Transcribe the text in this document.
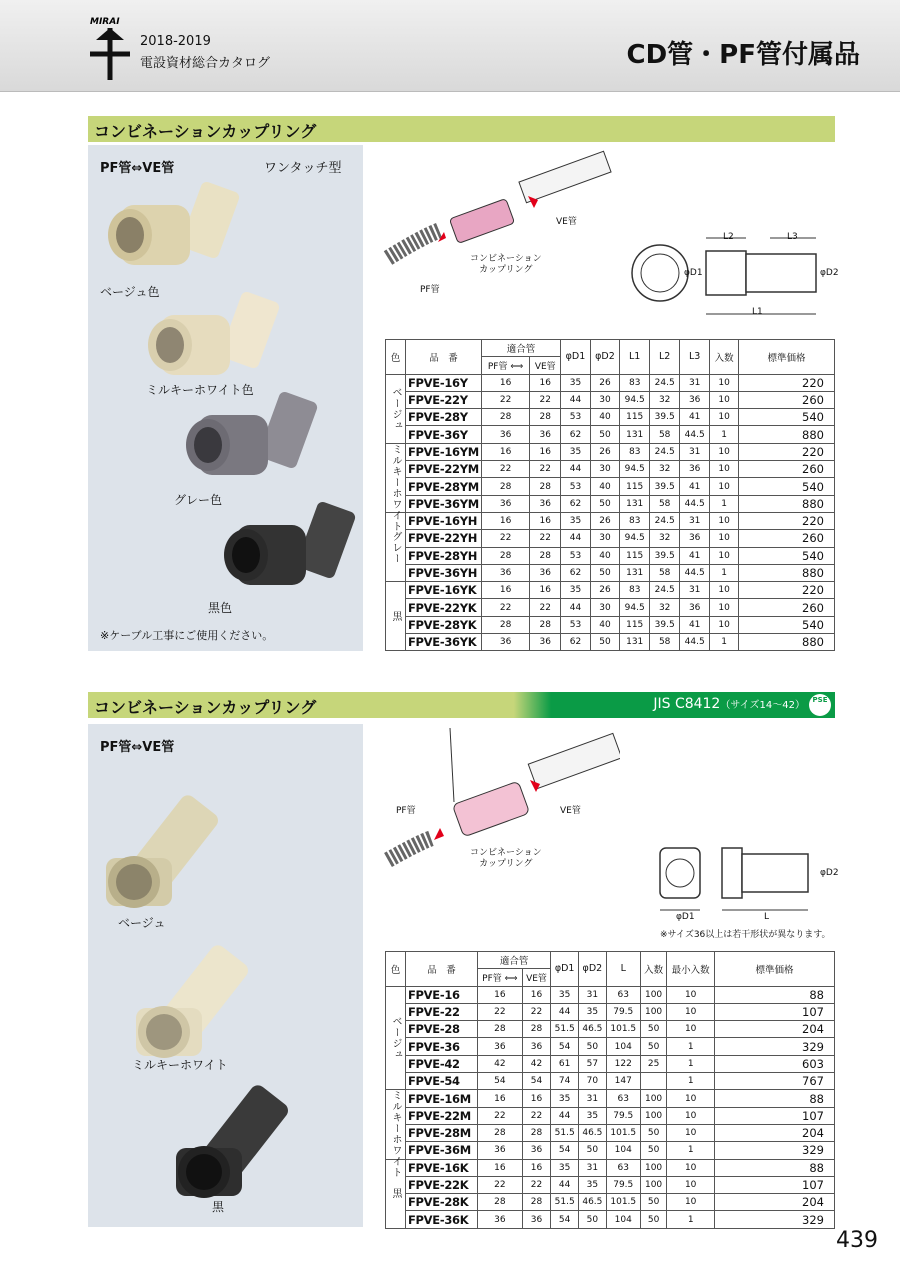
MIRAI
2018-2019
電設資材総合カタログ	CD管・PF管付属品
コンビネーションカップリング
PF管⇔VE管	ワンタッチ型
ベージュ色
ミルキーホワイト色
グレー色
黒色
※ケーブル工事にご使用ください。
VE管
コンビネーション
カップリング
PF管
L2	L3
L1
φD1	φD2
色	品　番	適合管		φD1	φD2	L1	L2	L3	入数	標準価格
		PF管 ⟺	VE管							
ベージュ	FPVE-16Y	16	16	35	26	83	24.5	31	10	220
	FPVE-22Y	22	22	44	30	94.5	32	36	10	260
	FPVE-28Y	28	28	53	40	115	39.5	41	10	540
	FPVE-36Y	36	36	62	50	131	58	44.5	1	880
ミルキーホワイト	FPVE-16YM	16	16	35	26	83	24.5	31	10	220
	FPVE-22YM	22	22	44	30	94.5	32	36	10	260
	FPVE-28YM	28	28	53	40	115	39.5	41	10	540
	FPVE-36YM	36	36	62	50	131	58	44.5	1	880
グレー	FPVE-16YH	16	16	35	26	83	24.5	31	10	220
	FPVE-22YH	22	22	44	30	94.5	32	36	10	260
	FPVE-28YH	28	28	53	40	115	39.5	41	10	540
	FPVE-36YH	36	36	62	50	131	58	44.5	1	880
黒	FPVE-16YK	16	16	35	26	83	24.5	31	10	220
	FPVE-22YK	22	22	44	30	94.5	32	36	10	260
	FPVE-28YK	28	28	53	40	115	39.5	41	10	540
	FPVE-36YK	36	36	62	50	131	58	44.5	1	880
コンビネーションカップリング	JIS C8412（サイズ14～42）	PSE
PF管⇔VE管
ベージュ
ミルキーホワイト
黒
PF管	VE管
コンビネーション
カップリング
φD1	L
φD2
※サイズ36以上は若干形状が異なります。
色	品　番	適合管		φD1	φD2	L	入数	最小入数	標準価格
		PF管 ⟺	VE管						
ベージュ	FPVE-16	16	16	35	31	63	100	10	88
	FPVE-22	22	22	44	35	79.5	100	10	107
	FPVE-28	28	28	51.5	46.5	101.5	50	10	204
	FPVE-36	36	36	54	50	104	50	1	329
	FPVE-42	42	42	61	57	122	25	1	603
	FPVE-54	54	54	74	70	147		1	767
ミルキーホワイト	FPVE-16M	16	16	35	31	63	100	10	88
	FPVE-22M	22	22	44	35	79.5	100	10	107
	FPVE-28M	28	28	51.5	46.5	101.5	50	10	204
	FPVE-36M	36	36	54	50	104	50	1	329
黒	FPVE-16K	16	16	35	31	63	100	10	88
	FPVE-22K	22	22	44	35	79.5	100	10	107
	FPVE-28K	28	28	51.5	46.5	101.5	50	10	204
	FPVE-36K	36	36	54	50	104	50	1	329
439
